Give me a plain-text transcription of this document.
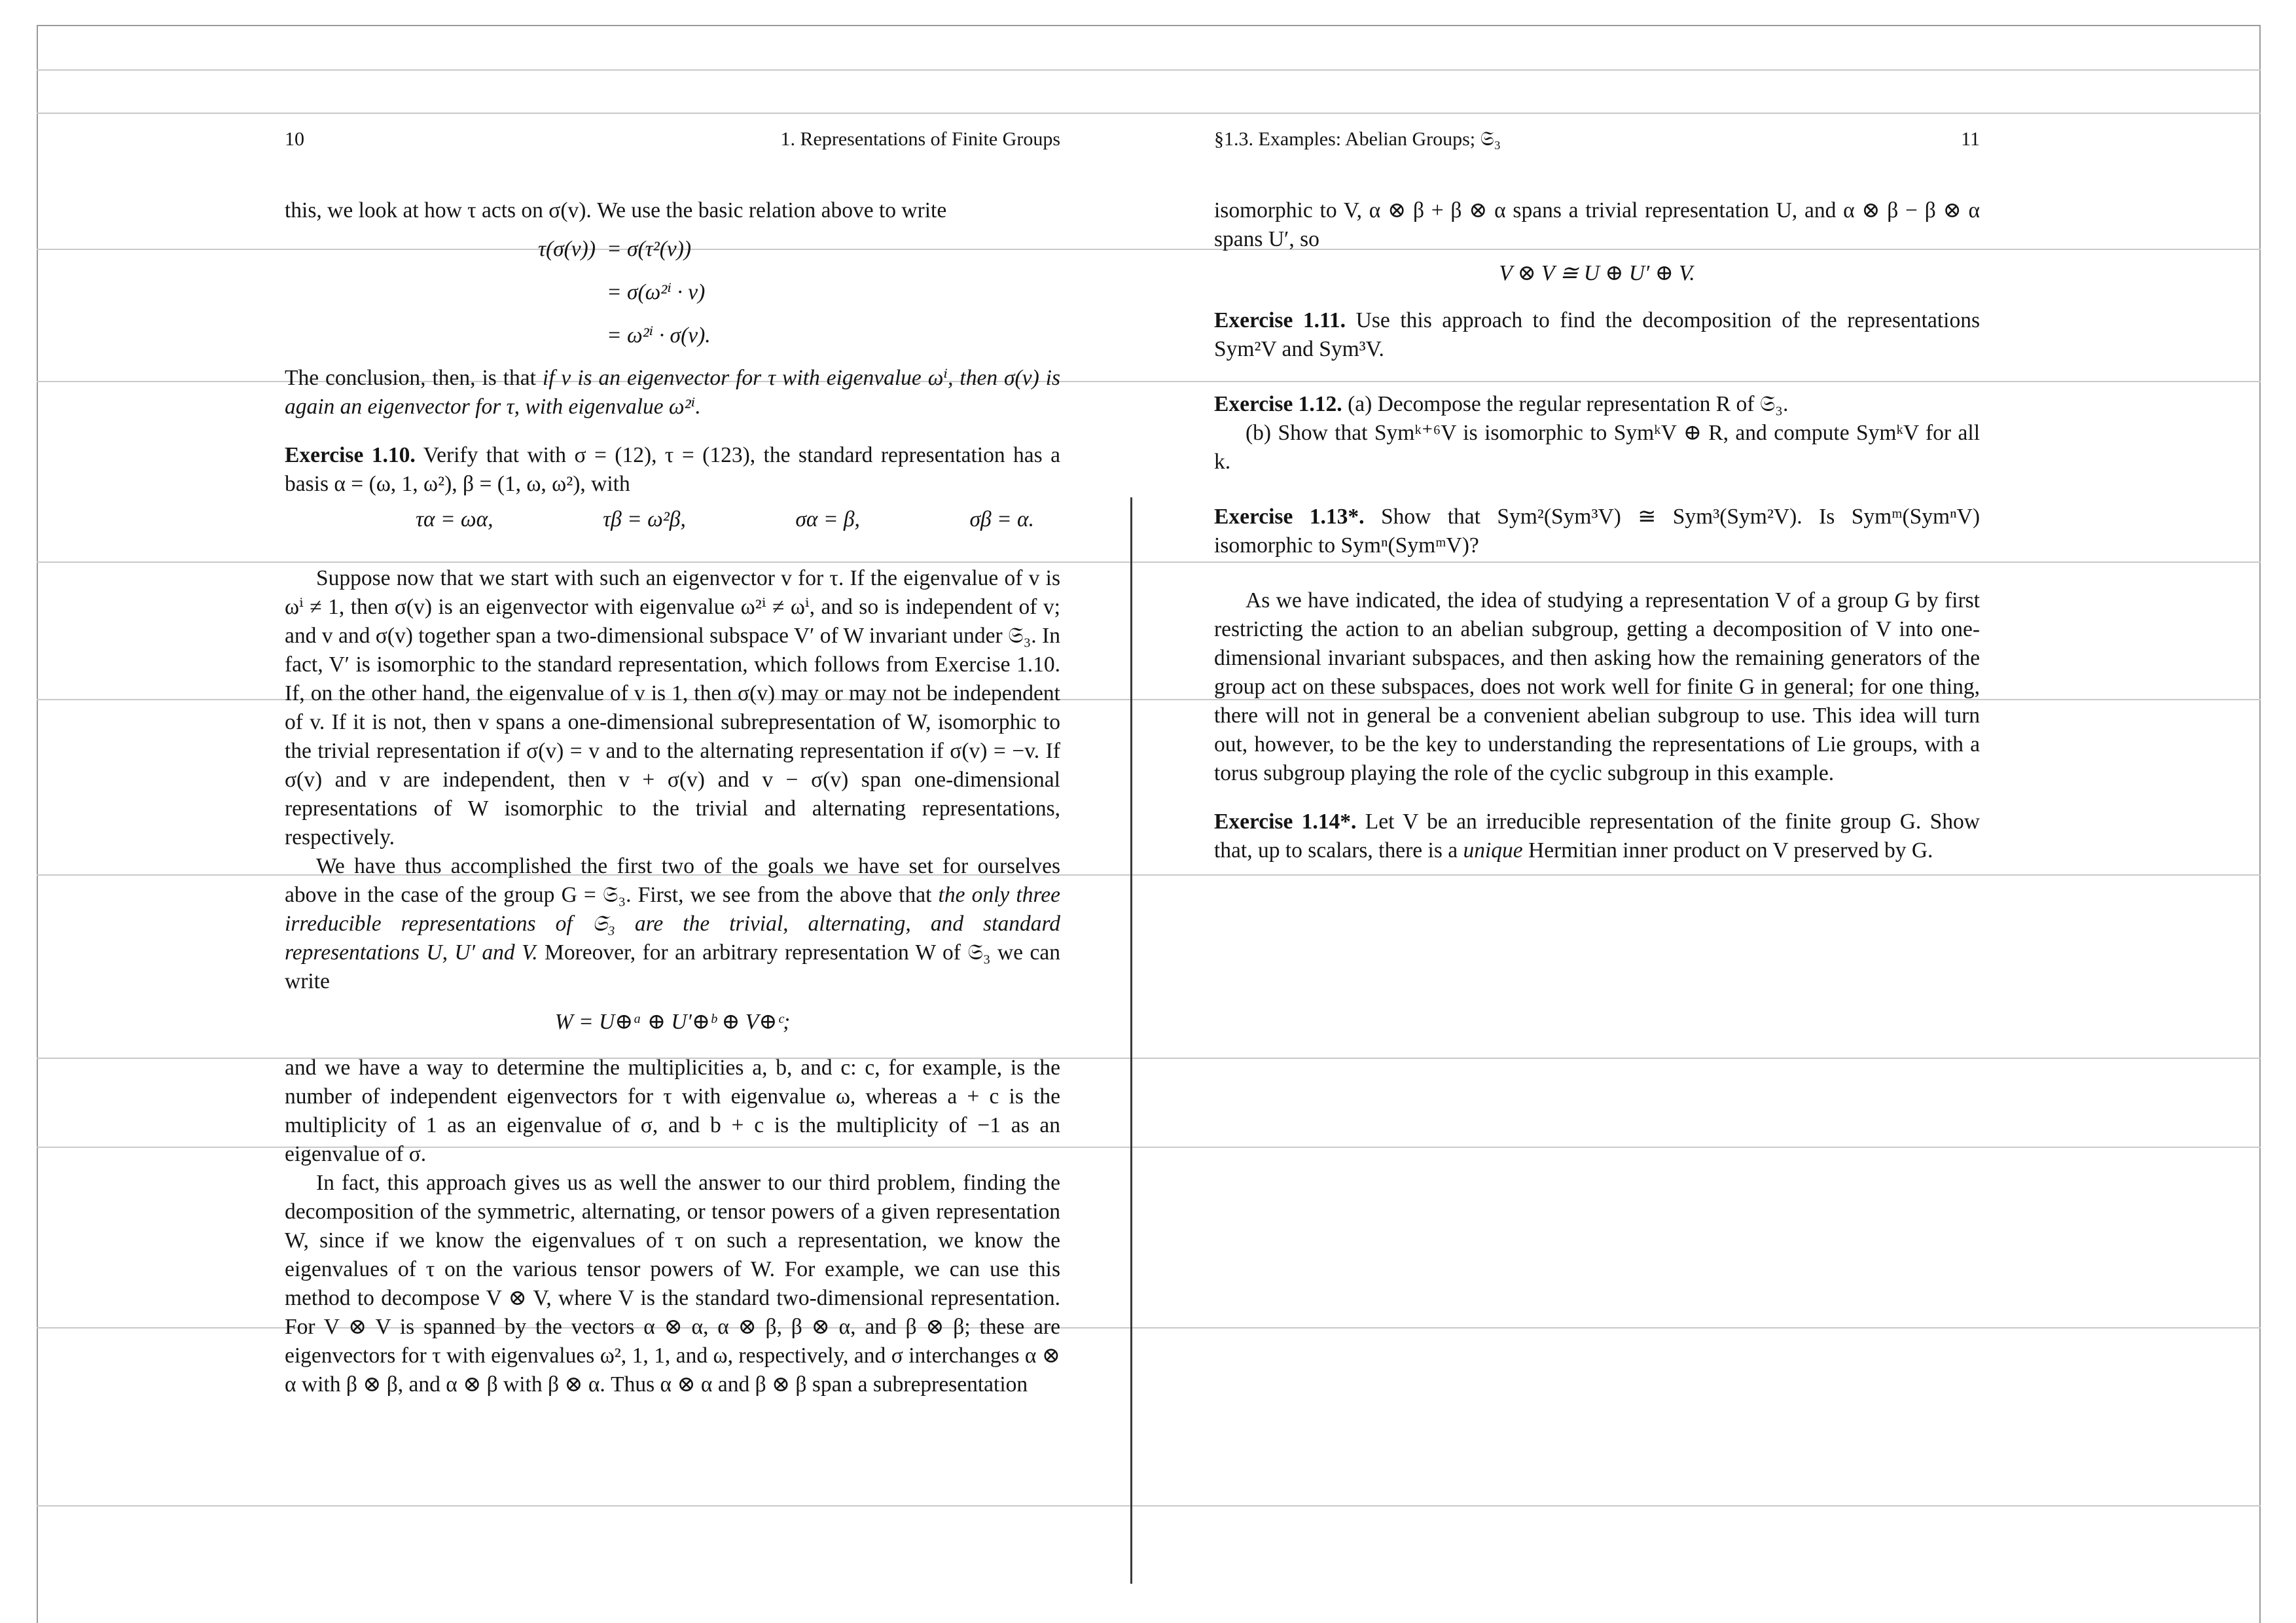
10	1. Representations of Finite Groups

this, we look at how τ acts on σ(v). We use the basic relation above to write

τ(σ(v)) = σ(τ²(v))
= σ(ω²ⁱ · v)
= ω²ⁱ · σ(v).

The conclusion, then, is that if v is an eigenvector for τ with eigenvalue ωⁱ, then σ(v) is again an eigenvector for τ, with eigenvalue ω²ⁱ.

Exercise 1.10. Verify that with σ = (12), τ = (123), the standard representation has a basis α = (ω, 1, ω²), β = (1, ω, ω²), with

τα = ωα,	τβ = ω²β,	σα = β,	σβ = α.

Suppose now that we start with such an eigenvector v for τ. If the eigenvalue of v is ωⁱ ≠ 1, then σ(v) is an eigenvector with eigenvalue ω²ⁱ ≠ ωⁱ, and so is independent of v; and v and σ(v) together span a two-dimensional subspace V′ of W invariant under 𝔖₃. In fact, V′ is isomorphic to the standard representation, which follows from Exercise 1.10. If, on the other hand, the eigenvalue of v is 1, then σ(v) may or may not be independent of v. If it is not, then v spans a one-dimensional subrepresentation of W, isomorphic to the trivial representation if σ(v) = v and to the alternating representation if σ(v) = −v. If σ(v) and v are independent, then v + σ(v) and v − σ(v) span one-dimensional representations of W isomorphic to the trivial and alternating representations, respectively.

We have thus accomplished the first two of the goals we have set for ourselves above in the case of the group G = 𝔖₃. First, we see from the above that the only three irreducible representations of 𝔖₃ are the trivial, alternating, and standard representations U, U′ and V. Moreover, for an arbitrary representation W of 𝔖₃ we can write

W = U⊕ᵃ ⊕ U′⊕ᵇ ⊕ V⊕ᶜ;

and we have a way to determine the multiplicities a, b, and c: c, for example, is the number of independent eigenvectors for τ with eigenvalue ω, whereas a + c is the multiplicity of 1 as an eigenvalue of σ, and b + c is the multiplicity of −1 as an eigenvalue of σ.

In fact, this approach gives us as well the answer to our third problem, finding the decomposition of the symmetric, alternating, or tensor powers of a given representation W, since if we know the eigenvalues of τ on such a representation, we know the eigenvalues of τ on the various tensor powers of W. For example, we can use this method to decompose V ⊗ V, where V is the standard two-dimensional representation. For V ⊗ V is spanned by the vectors α ⊗ α, α ⊗ β, β ⊗ α, and β ⊗ β; these are eigenvectors for τ with eigenvalues ω², 1, 1, and ω, respectively, and σ interchanges α ⊗ α with β ⊗ β, and α ⊗ β with β ⊗ α. Thus α ⊗ α and β ⊗ β span a subrepresentation

§1.3. Examples: Abelian Groups; 𝔖₃	11

isomorphic to V, α ⊗ β + β ⊗ α spans a trivial representation U, and α ⊗ β − β ⊗ α spans U′, so

V ⊗ V ≅ U ⊕ U′ ⊕ V.

Exercise 1.11. Use this approach to find the decomposition of the representations Sym²V and Sym³V.

Exercise 1.12. (a) Decompose the regular representation R of 𝔖₃.

(b) Show that Symᵏ⁺⁶V is isomorphic to SymᵏV ⊕ R, and compute SymᵏV for all k.

Exercise 1.13*. Show that Sym²(Sym³V) ≅ Sym³(Sym²V). Is Symᵐ(SymⁿV) isomorphic to Symⁿ(SymᵐV)?

As we have indicated, the idea of studying a representation V of a group G by first restricting the action to an abelian subgroup, getting a decomposition of V into one-dimensional invariant subspaces, and then asking how the remaining generators of the group act on these subspaces, does not work well for finite G in general; for one thing, there will not in general be a convenient abelian subgroup to use. This idea will turn out, however, to be the key to understanding the representations of Lie groups, with a torus subgroup playing the role of the cyclic subgroup in this example.

Exercise 1.14*. Let V be an irreducible representation of the finite group G. Show that, up to scalars, there is a unique Hermitian inner product on V preserved by G.
